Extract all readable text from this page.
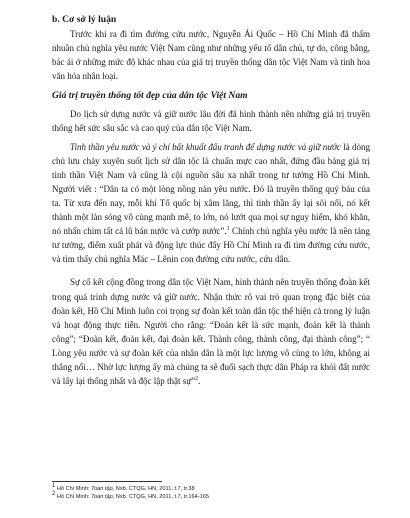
b. Cơ sở lý luận

Trước khi ra đi tìm đường cứu nước, Nguyễn Ái Quốc – Hồ Chí Minh đã thấm nhuần chủ nghĩa yêu nước Việt Nam cũng như những yếu tố dân chủ, tự do, công bằng, bác ái ở những mức độ khác nhau của giá trị truyền thống dân tộc Việt Nam và tinh hoa văn hóa nhân loại.

Giá trị truyền thống tốt đẹp của dân tộc Việt Nam

Do lịch sử dựng nước và giữ nước lâu đời đã hình thành nên những giá trị truyền thống hết sức sâu sắc và cao quý của dân tộc Việt Nam.

Tinh thần yêu nước và ý chí bất khuất đấu tranh để dựng nước và giữ nước là dòng chủ lưu chảy xuyên suốt lịch sử dân tộc là chuẩn mực cao nhất, đứng đầu bảng giá trị tinh thần Việt Nam và cũng là cội nguồn sâu xa nhất trong tư tưởng Hồ Chí Minh. Người viết : “Dân ta có một lòng nồng nàn yêu nước. Đó là truyền thống quý báu của ta. Từ xưa đến nay, mỗi khi Tổ quốc bị xâm lăng, thì tinh thần ấy lại sôi nổi, nó kết thành một làn sóng vô cùng mạnh mẽ, to lớn, nó lướt qua mọi sự nguy hiểm, khó khăn, nó nhấn chìm tất cả lũ bán nước và cướp nước”.$^1$ Chính chủ nghĩa yêu nước là nền tảng tư tưởng, điểm xuất phát và động lực thúc đẩy Hồ Chí Minh ra đi tìm đường cứu nước, và tìm thấy chủ nghĩa Mác – Lênin con đường cứu nước, cứu dân.

Sự cố kết cộng đồng trong dân tộc Việt Nam, hình thành nên truyền thống đoàn kết trong quá trình dựng nước và giữ nước. Nhận thức rõ vai trò quan trọng đặc biệt của đoàn kết, Hồ Chí Minh luôn coi trọng sự đoàn kết toàn dân tộc thể hiện cả trong lý luận và hoạt động thực tiễn. Người cho rằng: “Đoàn kết là sức mạnh, đoàn kết là thành công”; “Đoàn kết, đoàn kết, đại đoàn kết. Thành công, thành công, đại thành công”; “ Lòng yêu nước và sự đoàn kết của nhân dân là một lực lượng vô cùng to lớn, không ai thắng nổi… Nhờ lực lượng ấy mà chúng ta sẽ đuổi sạch thực dân Pháp ra khỏi đất nước và lấy lại thống nhất và độc lập thật sự”$^2$.

$^1$ Hồ Chí Minh: Toàn tập, Nxb. CTQG, HN, 2011, t.7, tr.38

$^2$ Hồ Chí Minh: Toàn tập, Nxb. CTQG, HN, 2011, t.7, tr.164-165
